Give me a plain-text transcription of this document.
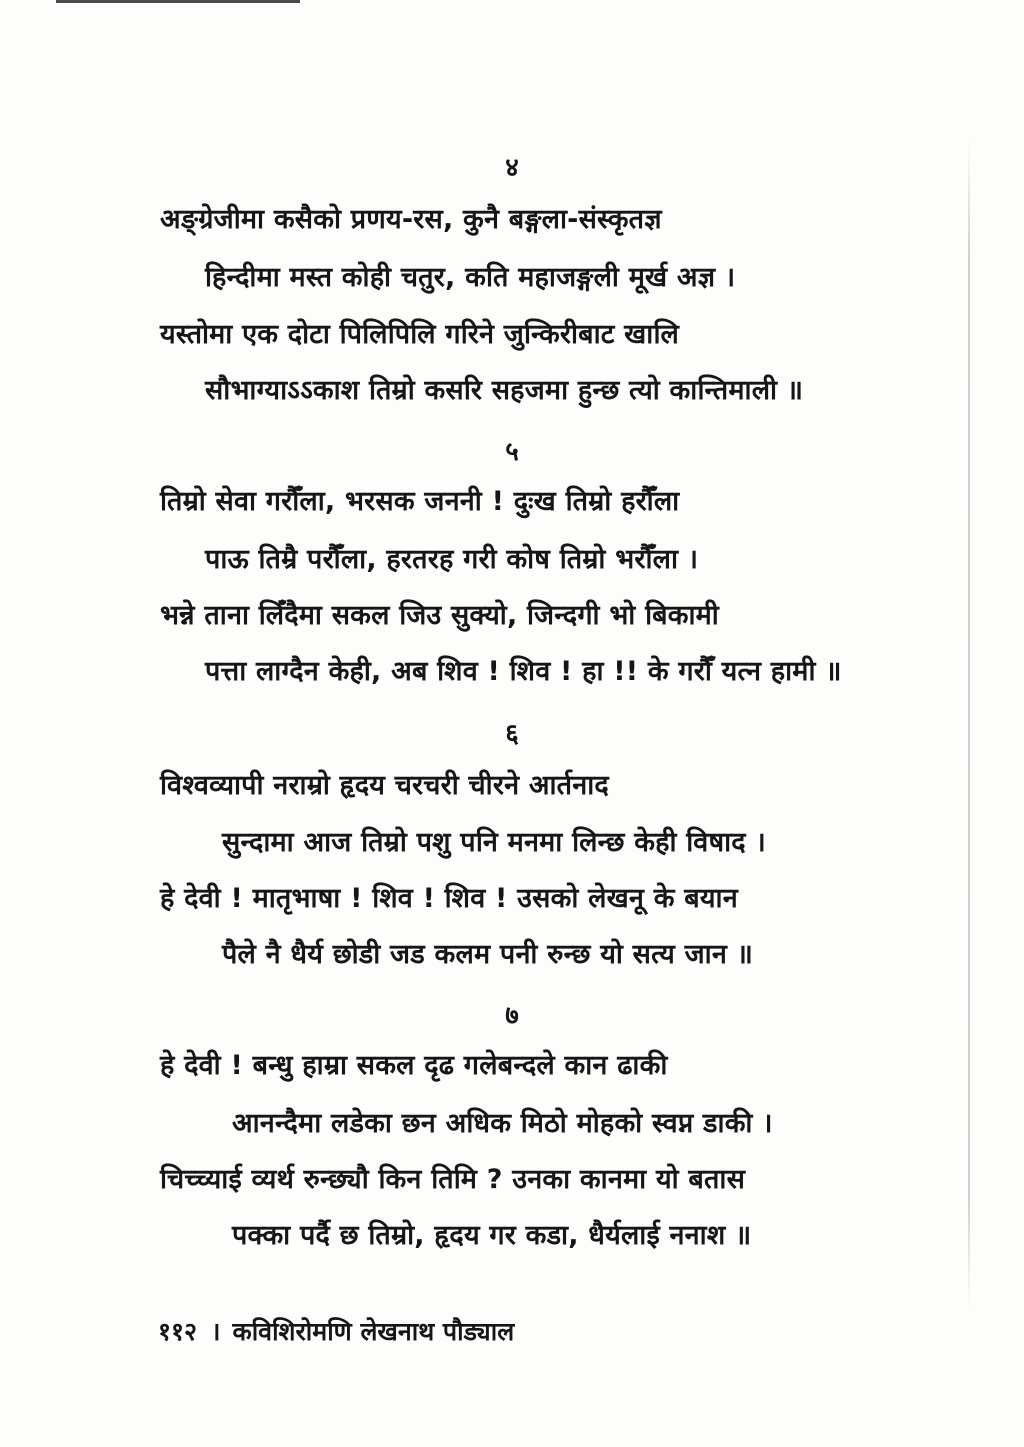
४
अङ्ग्रेजीमा कसैको प्रणय-रस, कुनै बङ्गला-संस्कृतज्ञ
हिन्दीमा मस्त कोही चतुर, कति महाजङ्गली मूर्ख अज्ञ ।
यस्तोमा एक दोटा पिलिपिलि गरिने जुन्किरीबाट खालि
सौभाग्याऽऽकाश तिम्रो कसरि सहजमा हुन्छ त्यो कान्तिमाली ॥
५
तिम्रो सेवा गरौँला, भरसक जननी ! दुःख तिम्रो हरौँला
पाऊ तिम्रै परौँला, हरतरह गरी कोष तिम्रो भरौँला ।
भन्ने ताना लिँदैमा सकल जिउ सुक्यो, जिन्दगी भो बिकामी
पत्ता लाग्दैन केही, अब शिव ! शिव ! हा !! के गरौँ यत्न हामी ॥
६
विश्वव्यापी नराम्रो हृदय चरचरी चीरने आर्तनाद
सुन्दामा आज तिम्रो पशु पनि मनमा लिन्छ केही विषाद ।
हे देवी ! मातृभाषा ! शिव ! शिव ! उसको लेखनू के बयान
पैले नै धैर्य छोडी जड कलम पनी रुन्छ यो सत्य जान ॥
७
हे देवी ! बन्धु हाम्रा सकल दृढ गलेबन्दले कान ढाकी
आनन्दैमा लडेका छन अधिक मिठो मोहको स्वप्न डाकी ।
चिच्च्याई व्यर्थ रुन्छ्यौ किन तिमि ? उनका कानमा यो बतास
पक्का पर्दै छ तिम्रो, हृदय गर कडा, धैर्यलाई ननाश ॥
११२ । कविशिरोमणि लेखनाथ पौड्याल
